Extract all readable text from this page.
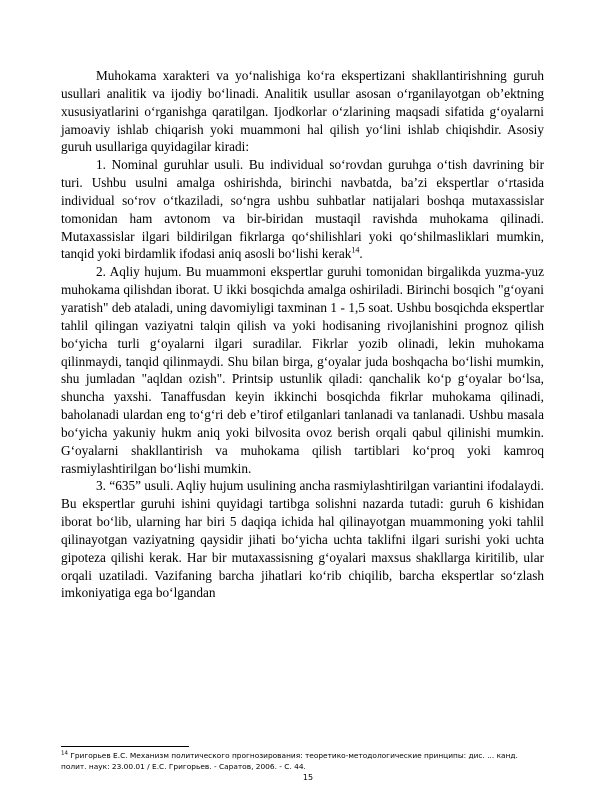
Muhokama xarakteri va yo‘nalishiga ko‘ra ekspertizani shakllantirishning guruh usullari analitik va ijodiy bo‘linadi. Analitik usullar asosan o‘rganilayotgan ob’ektning xususiyatlarini o‘rganishga qaratilgan. Ijodkorlar o‘zlarining maqsadi sifatida g‘oyalarni jamoaviy ishlab chiqarish yoki muammoni hal qilish yo‘lini ishlab chiqishdir. Asosiy guruh usullariga quyidagilar kiradi:

1. Nominal guruhlar usuli. Bu individual so‘rovdan guruhga o‘tish davrining bir turi. Ushbu usulni amalga oshirishda, birinchi navbatda, ba’zi ekspertlar o‘rtasida individual so‘rov o‘tkaziladi, so‘ngra ushbu suhbatlar natijalari boshqa mutaxassislar tomonidan ham avtonom va bir-biridan mustaqil ravishda muhokama qilinadi. Mutaxassislar ilgari bildirilgan fikrlarga qo‘shilishlari yoki qo‘shilmasliklari mumkin, tanqid yoki birdamlik ifodasi aniq asosli bo‘lishi kerak$^{14}$.

2. Aqliy hujum. Bu muammoni ekspertlar guruhi tomonidan birgalikda yuzma-yuz muhokama qilishdan iborat. U ikki bosqichda amalga oshiriladi. Birinchi bosqich "g‘oyani yaratish" deb ataladi, uning davomiyligi taxminan 1 - 1,5 soat. Ushbu bosqichda ekspertlar tahlil qilingan vaziyatni talqin qilish va yoki hodisaning rivojlanishini prognoz qilish bo‘yicha turli g‘oyalarni ilgari suradilar. Fikrlar yozib olinadi, lekin muhokama qilinmaydi, tanqid qilinmaydi. Shu bilan birga, g‘oyalar juda boshqacha bo‘lishi mumkin, shu jumladan "aqldan ozish". Printsip ustunlik qiladi: qanchalik ko‘p g‘oyalar bo‘lsa, shuncha yaxshi. Tanaffusdan keyin ikkinchi bosqichda fikrlar muhokama qilinadi, baholanadi ulardan eng to‘g‘ri deb e’tirof etilganlari tanlanadi va tanlanadi. Ushbu masala bo‘yicha yakuniy hukm aniq yoki bilvosita ovoz berish orqali qabul qilinishi mumkin. G‘oyalarni shakllantirish va muhokama qilish tartiblari ko‘proq yoki kamroq rasmiylashtirilgan bo‘lishi mumkin.

3. “635” usuli. Aqliy hujum usulining ancha rasmiylashtirilgan variantini ifodalaydi. Bu ekspertlar guruhi ishini quyidagi tartibga solishni nazarda tutadi: guruh 6 kishidan iborat bo‘lib, ularning har biri 5 daqiqa ichida hal qilinayotgan muammoning yoki tahlil qilinayotgan vaziyatning qaysidir jihati bo‘yicha uchta taklifni ilgari surishi yoki uchta gipoteza qilishi kerak. Har bir mutaxassisning g‘oyalari maxsus shakllarga kiritilib, ular orqali uzatiladi. Vazifaning barcha jihatlari ko‘rib chiqilib, barcha ekspertlar so‘zlash imkoniyatiga ega bo‘lgandan

$^{14}$ Григорьев Е.С. Механизм политического прогнозирования: теоретико-методологические принципы: дис. ... канд. полит. наук: 23.00.01 / Е.С. Григорьев. - Саратов, 2006. - С. 44.

15
